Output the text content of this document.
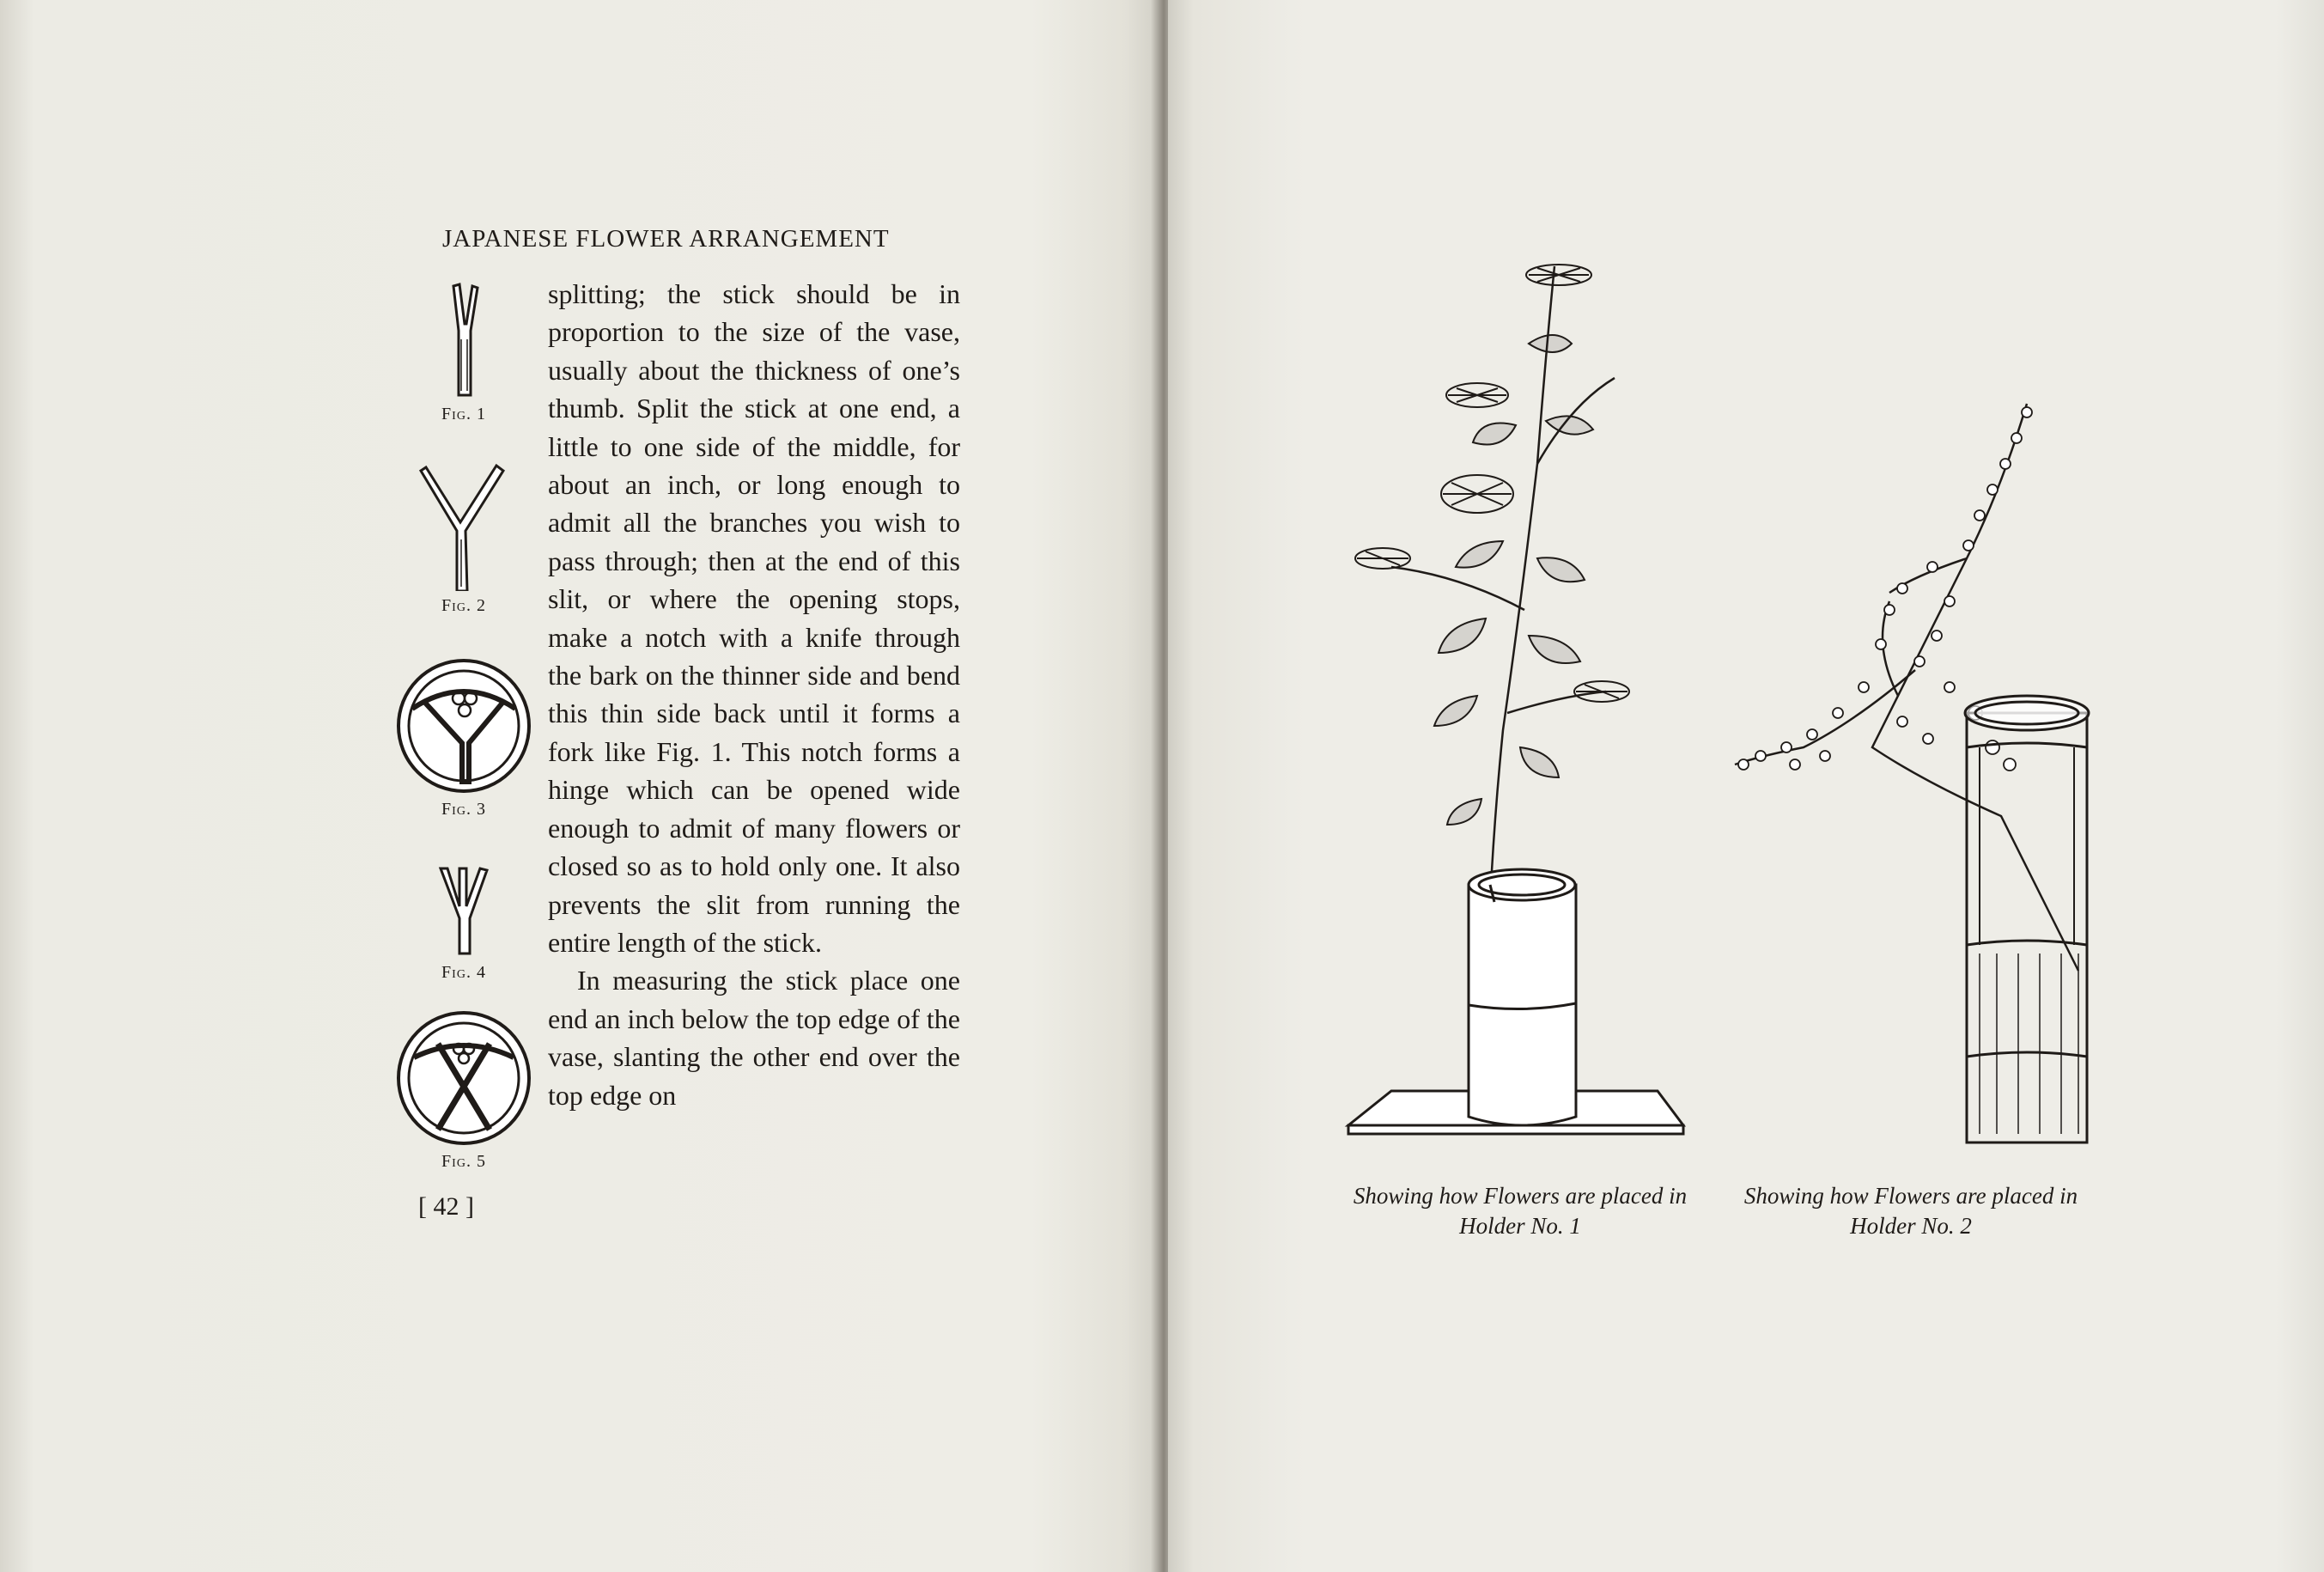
JAPANESE FLOWER ARRANGEMENT
Fig. 1
Fig. 2
Fig. 3
Fig. 4
Fig. 5

splitting; the stick should be in proportion to the size of the vase, usually about the thickness of one’s thumb. Split the stick at one end, a little to one side of the middle, for about an inch, or long enough to admit all the branches you wish to pass through; then at the end of this slit, or where the opening stops, make a notch with a knife through the bark on the thinner side and bend this thin side back until it forms a fork like Fig. 1. This notch forms a hinge which can be opened wide enough to admit of many flowers or closed so as to hold only one. It also prevents the slit from running the entire length of the stick.

In measuring the stick place one end an inch below the top edge of the vase, slanting the other end over the top edge on

[ 42 ]	Showing how Flowers are placed in
Holder No. 1
Showing how Flowers are placed in
Holder No. 2
